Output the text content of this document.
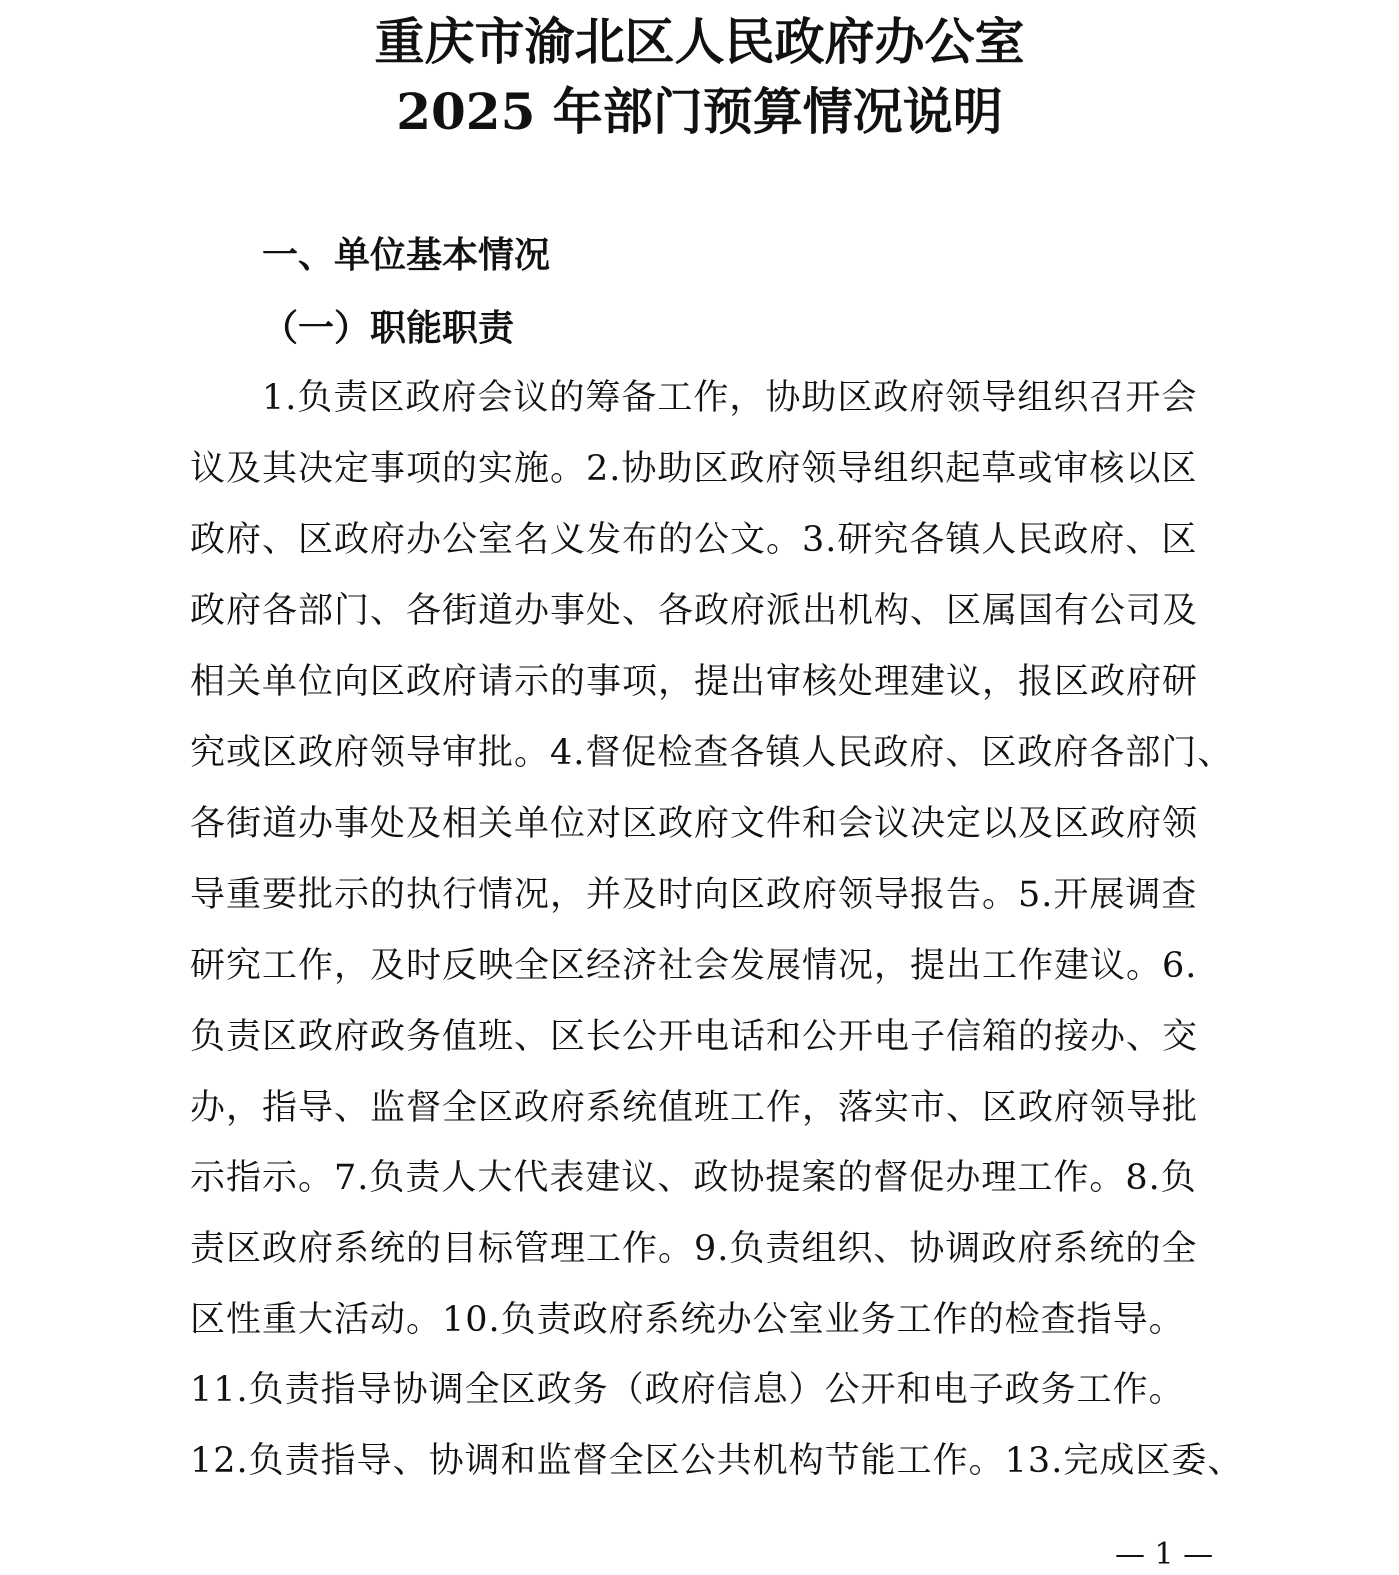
重庆市渝北区人民政府办公室
2025 年部门预算情况说明
一、单位基本情况
（一）职能职责
1.负责区政府会议的筹备工作，协助区政府领导组织召开会
议及其决定事项的实施。2.协助区政府领导组织起草或审核以区
政府、区政府办公室名义发布的公文。3.研究各镇人民政府、区
政府各部门、各街道办事处、各政府派出机构、区属国有公司及
相关单位向区政府请示的事项，提出审核处理建议，报区政府研
究或区政府领导审批。4.督促检查各镇人民政府、区政府各部门、
各街道办事处及相关单位对区政府文件和会议决定以及区政府领
导重要批示的执行情况，并及时向区政府领导报告。5.开展调查
研究工作，及时反映全区经济社会发展情况，提出工作建议。6.
负责区政府政务值班、区长公开电话和公开电子信箱的接办、交
办，指导、监督全区政府系统值班工作，落实市、区政府领导批
示指示。7.负责人大代表建议、政协提案的督促办理工作。8.负
责区政府系统的目标管理工作。9.负责组织、协调政府系统的全
区性重大活动。10.负责政府系统办公室业务工作的检查指导。
11.负责指导协调全区政务（政府信息）公开和电子政务工作。
12.负责指导、协调和监督全区公共机构节能工作。13.完成区委、
— 1 —
